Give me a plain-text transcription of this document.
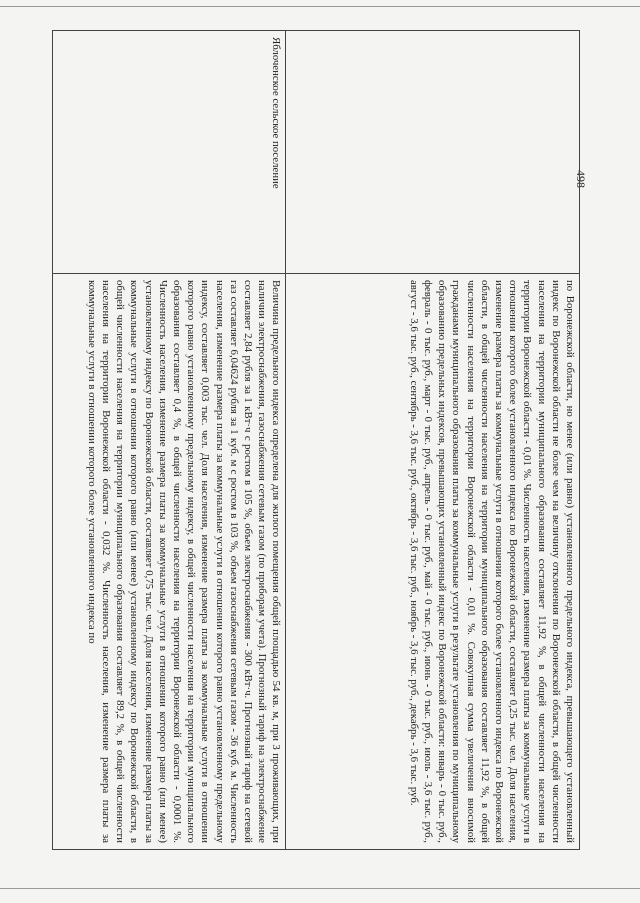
498

	по Воронежской области, но менее (или равно) установленного предельного индекса, превышающего установленный индекс по Воронежской области не более чем на величину отклонения по Воронежской области, в общей численности населения на территории муниципального образования составляет 11,92 %, в общей численности населения на территории Воронежской области - 0,01 %. Численность населения, изменение размера платы за коммунальные услуги в отношении которого более установленного индекса по Воронежской области, составляет 0,25 тыс. чел. Доля населения, изменение размера платы за коммунальные услуги в отношении которого более установленного индекса по Воронежской области, в общей численности населения на территории муниципального образования составляет 11,92 %, в общей численности населения на территории Воронежской области - 0,01 %. Совокупная сумма увеличения вносимой гражданами муниципального образования платы за коммунальные услуги в результате установления по муниципальному образованию предельных индексов, превышающих установленный индекс по Воронежской области: январь - 0 тыс. руб., февраль - 0 тыс. руб., март - 0 тыс. руб., апрель - 0 тыс. руб., май - 0 тыс. руб., июнь - 0 тыс. руб., июль - 3,6 тыс. руб., август - 3,6 тыс. руб., сентябрь - 3,6 тыс. руб., октябрь - 3,6 тыс. руб., ноябрь - 3,6 тыс. руб., декабрь - 3,6 тыс. руб.

Яблоченское сельское поселение	Величина предельного индекса определена для жилого помещения общей площадью 54 кв. м, при 3 проживающих, при наличии электроснабжения, газоснабжения сетевым газом (по приборам учета). Прогнозный тариф на электроснабжение составляет 2,84 рубля за 1 кВт·ч с ростом в 105 %, объем электроснабжения - 300 кВт·ч. Прогнозный тариф на сетевой газ составляет 6,04624 рубля за 1 куб. м с ростом в 103 %, объем газоснабжения сетевым газом - 36 куб. м. Численность населения, изменение размера платы за коммунальные услуги в отношении которого равно установленному предельному индексу, составляет 0,003 тыс. чел. Доля населения, изменение размера платы за коммунальные услуги в отношении которого равно установленному предельному индексу, в общей численности населения на территории муниципального образования составляет 0,4 %, в общей численности населения на территории Воронежской области - 0,0001 %. Численность населения, изменение размера платы за коммунальные услуги в отношении которого равно (или менее) установленному индексу по Воронежской области, составляет 0,75 тыс. чел. Доля населения, изменение размера платы за коммунальные услуги в отношении которого равно (или менее) установленному индексу по Воронежской области, в общей численности населения на территории муниципального образования составляет 89,2 %, в общей численности населения на территории Воронежской области - 0,032 %. Численность населения, изменение размера платы за коммунальные услуги в отношении которого более установленного индекса по
